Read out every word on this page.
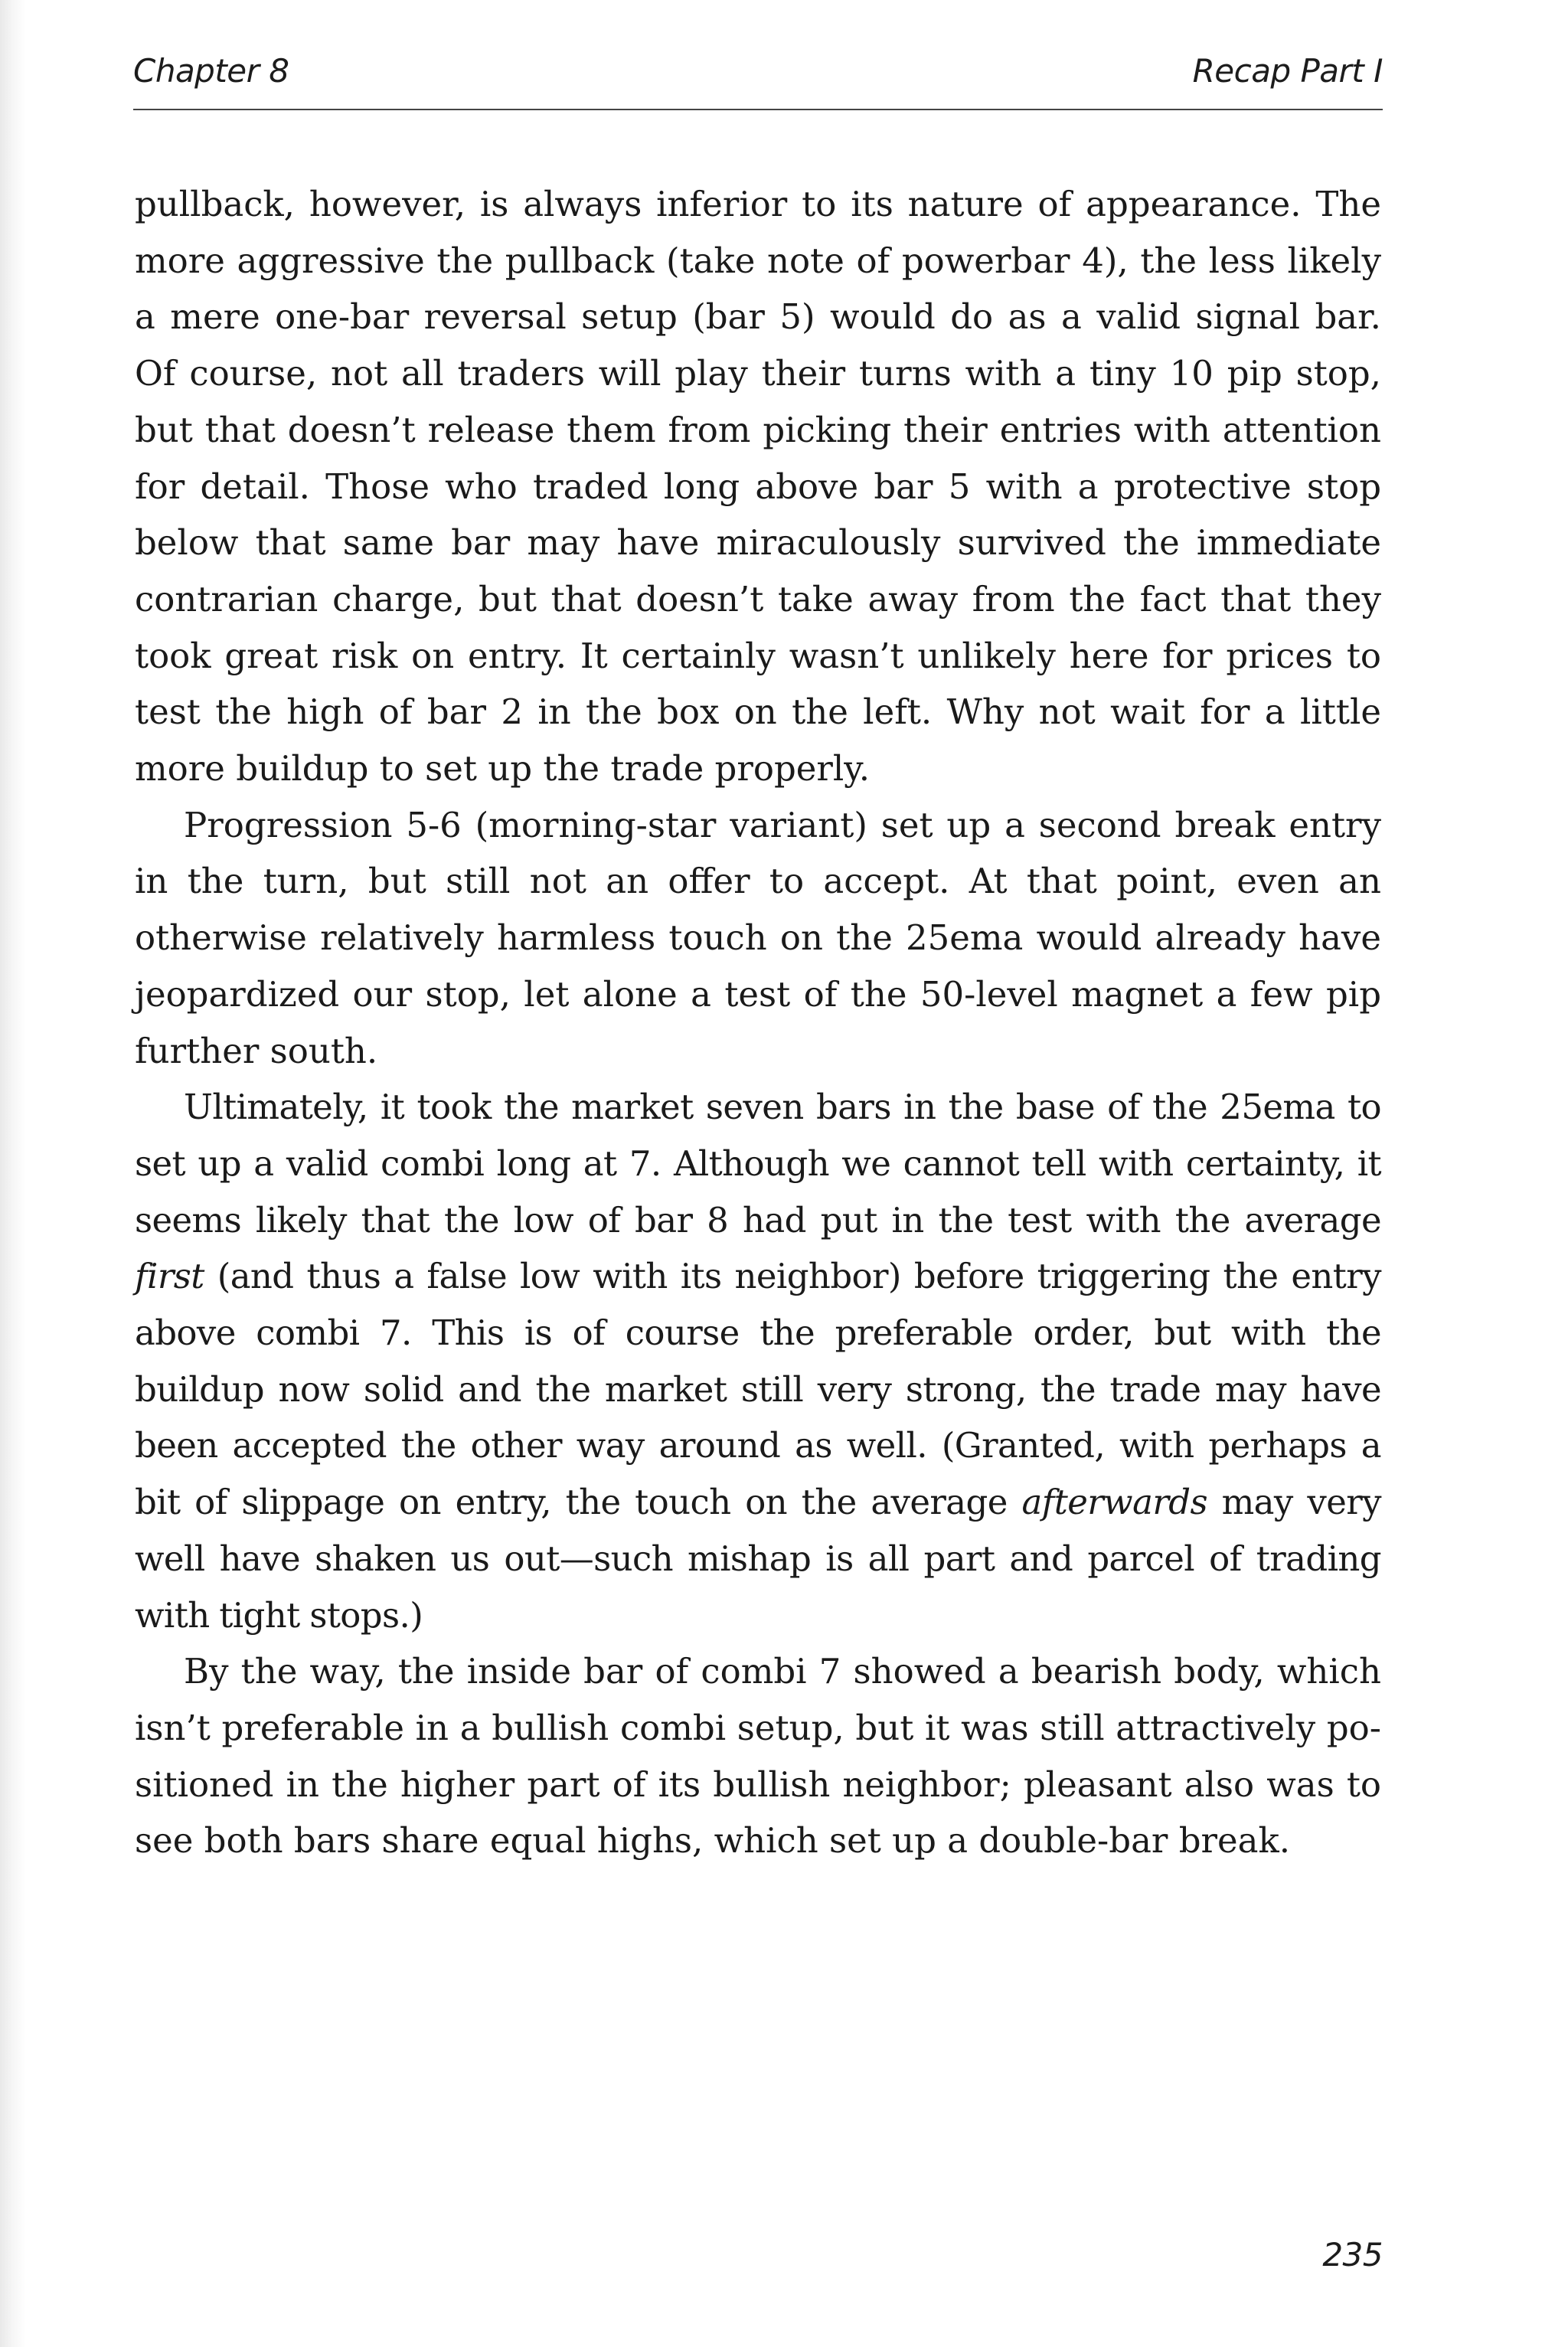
Chapter 8	Recap Part I

pullback, however, is always inferior to its nature of appearance. The more aggressive the pullback (take note of powerbar 4), the less likely a mere one-bar reversal setup (bar 5) would do as a valid signal bar. Of course, not all traders will play their turns with a tiny 10 pip stop, but that doesn’t release them from picking their entries with attention for detail. Those who traded long above bar 5 with a protective stop below that same bar may have miraculously survived the immediate contrarian charge, but that doesn’t take away from the fact that they took great risk on entry. It certainly wasn’t unlikely here for prices to test the high of bar 2 in the box on the left. Why not wait for a little more buildup to set up the trade properly.

Progression 5-6 (morning-star variant) set up a second break entry in the turn, but still not an offer to accept. At that point, even an otherwise relatively harmless touch on the 25ema would already have jeopardized our stop, let alone a test of the 50-level magnet a few pip further south.

Ultimately, it took the market seven bars in the base of the 25ema to set up a valid combi long at 7. Although we cannot tell with certainty, it seems likely that the low of bar 8 had put in the test with the average first (and thus a false low with its neighbor) before triggering the entry above combi 7. This is of course the preferable order, but with the buildup now solid and the market still very strong, the trade may have been accepted the other way around as well. (Granted, with perhaps a bit of slippage on entry, the touch on the average afterwards may very well have shaken us out—such mishap is all part and parcel of trading with tight stops.)

By the way, the inside bar of combi 7 showed a bearish body, which isn’t preferable in a bullish combi setup, but it was still attractively positioned in the higher part of its bullish neighbor; pleasant also was to see both bars share equal highs, which set up a double-bar break.

235
